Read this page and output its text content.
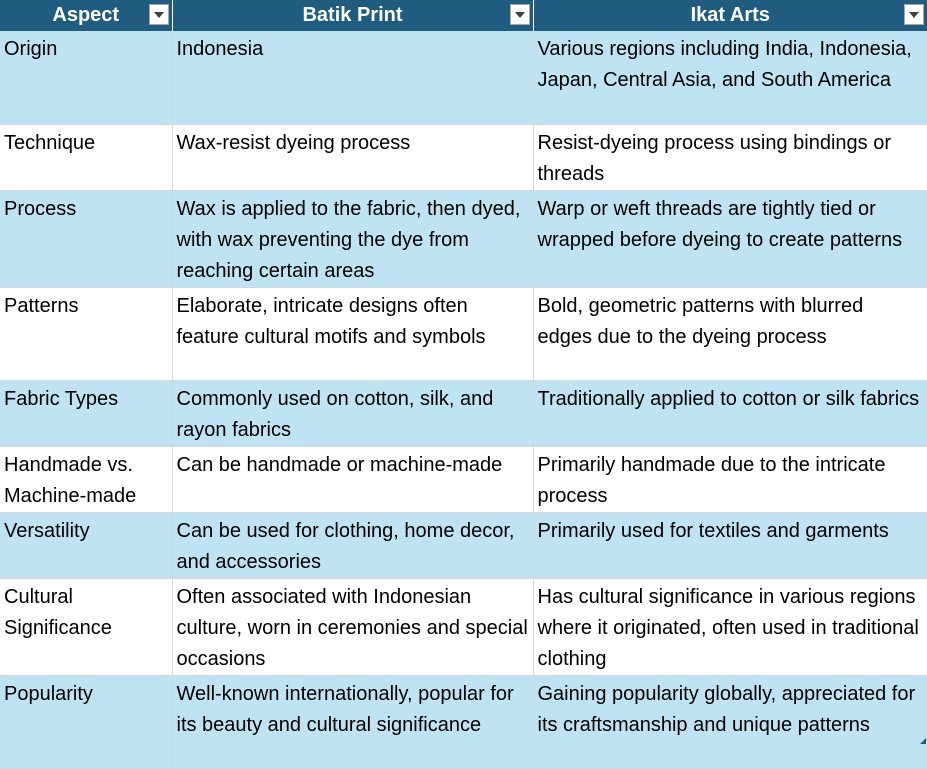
Aspect	Batik Print	Ikat Arts

Origin	Indonesia	Various regions including India, Indonesia, Japan, Central Asia, and South America
Technique	Wax-resist dyeing process	Resist-dyeing process using bindings or threads
Process	Wax is applied to the fabric, then dyed, with wax preventing the dye from reaching certain areas	Warp or weft threads are tightly tied or wrapped before dyeing to create patterns
Patterns	Elaborate, intricate designs often feature cultural motifs and symbols	Bold, geometric patterns with blurred edges due to the dyeing process
Fabric Types	Commonly used on cotton, silk, and rayon fabrics	Traditionally applied to cotton or silk fabrics
Handmade vs. Machine-made	Can be handmade or machine-made	Primarily handmade due to the intricate process
Versatility	Can be used for clothing, home decor, and accessories	Primarily used for textiles and garments
Cultural Significance	Often associated with Indonesian culture, worn in ceremonies and special occasions	Has cultural significance in various regions where it originated, often used in traditional clothing
Popularity	Well-known internationally, popular for its beauty and cultural significance	Gaining popularity globally, appreciated for its craftsmanship and unique patterns
